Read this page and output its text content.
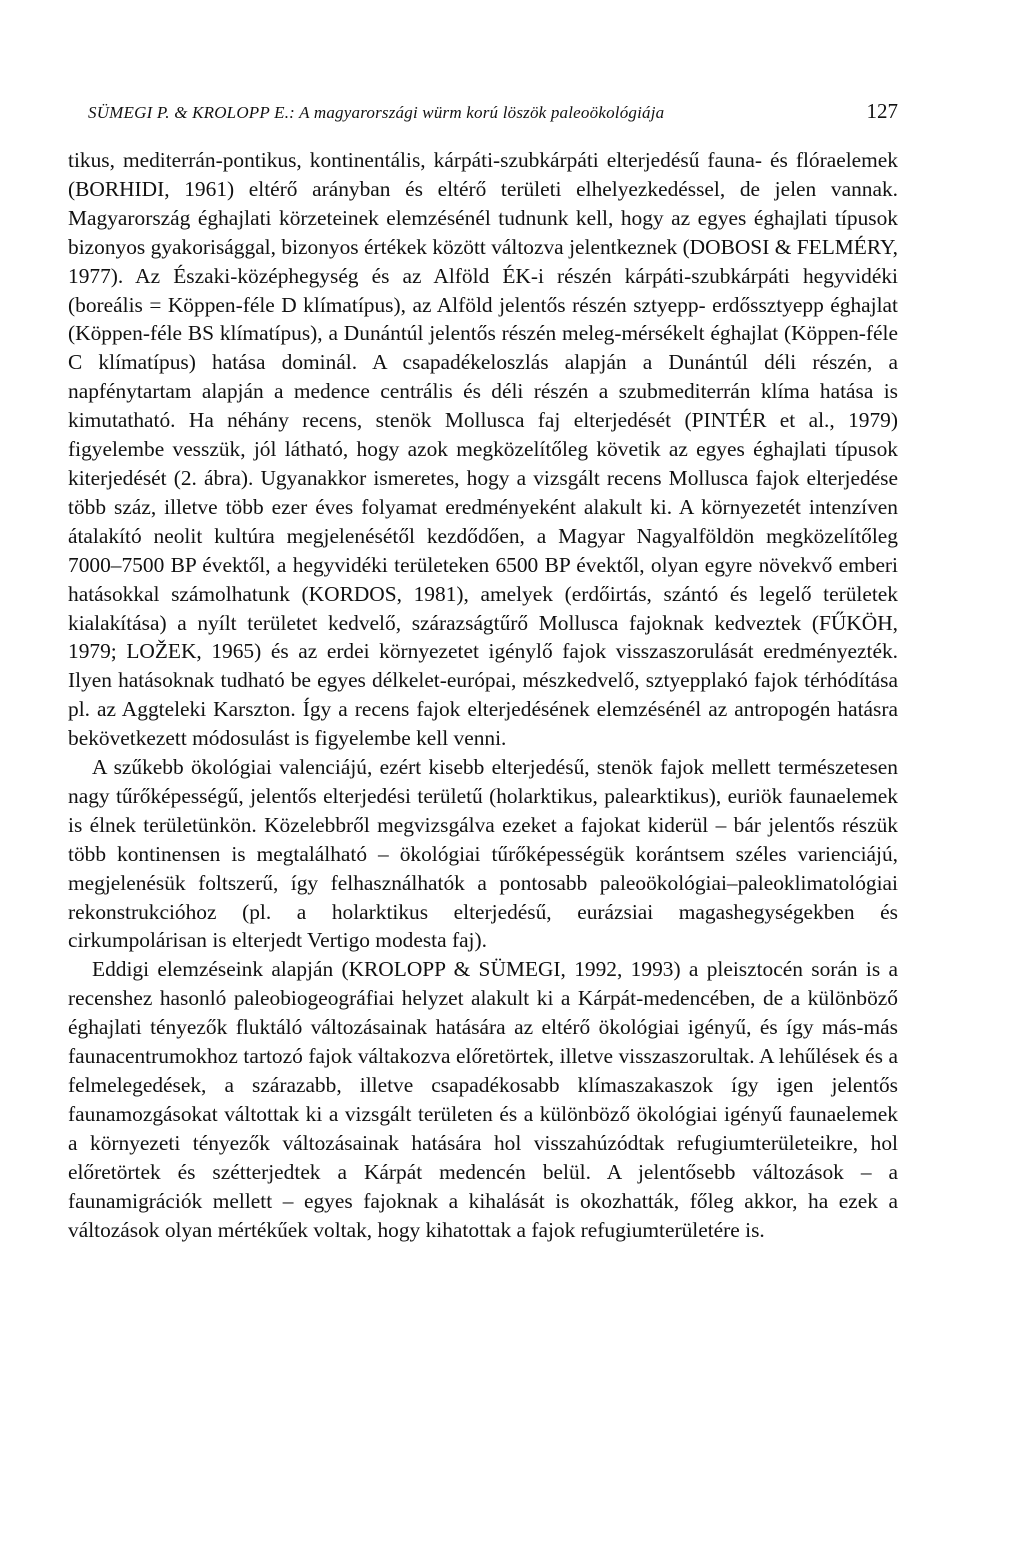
SÜMEGI P. & KROLOPP E.: A magyarországi würm korú löszök paleoökológiája	127

tikus, mediterrán-pontikus, kontinentális, kárpáti-szubkárpáti elterjedésű fauna- és flóraelemek (BORHIDI, 1961) eltérő arányban és eltérő területi elhelyezkedéssel, de jelen vannak. Magyarország éghajlati körzeteinek elemzésénél tudnunk kell, hogy az egyes éghajlati típusok bizonyos gyakorisággal, bizonyos értékek között változva jelentkeznek (DOBOSI & FELMÉRY, 1977). Az Északi-középhegység és az Alföld ÉK-i részén kárpáti-szubkárpáti hegyvidéki (boreális = Köppen-féle D klímatípus), az Alföld jelentős részén sztyepp- erdőssztyepp éghajlat (Köppen-féle BS klímatípus), a Dunántúl jelentős részén meleg-mérsékelt éghajlat (Köppen-féle C klímatípus) hatása dominál. A csapadékeloszlás alapján a Dunántúl déli részén, a napfénytartam alapján a medence centrális és déli részén a szubmediterrán klíma hatása is kimutatható. Ha néhány recens, stenök Mollusca faj elterjedését (PINTÉR et al., 1979) figyelembe vesszük, jól látható, hogy azok megközelítőleg követik az egyes éghajlati típusok kiterjedését (2. ábra). Ugyanakkor ismeretes, hogy a vizsgált recens Mollusca fajok elterjedése több száz, illetve több ezer éves folyamat eredményeként alakult ki. A környezetét intenzíven átalakító neolit kultúra megjelenésétől kezdődően, a Magyar Nagyalföldön megközelítőleg 7000–7500 BP évektől, a hegyvidéki területeken 6500 BP évektől, olyan egyre növekvő emberi hatásokkal számolhatunk (KORDOS, 1981), amelyek (erdőirtás, szántó és legelő területek kialakítása) a nyílt területet kedvelő, szárazságtűrő Mollusca fajoknak kedveztek (FŰKÖH, 1979; LOŽEK, 1965) és az erdei környezetet igénylő fajok visszaszorulását eredményezték. Ilyen hatásoknak tudható be egyes délkelet-európai, mészkedvelő, sztyepplakó fajok térhódítása pl. az Aggteleki Karszton. Így a recens fajok elterjedésének elemzésénél az antropogén hatásra bekövetkezett módosulást is figyelembe kell venni.

A szűkebb ökológiai valenciájú, ezért kisebb elterjedésű, stenök fajok mellett természetesen nagy tűrőképességű, jelentős elterjedési területű (holarktikus, palearktikus), euriök faunaelemek is élnek területünkön. Közelebbről megvizsgálva ezeket a fajokat kiderül – bár jelentős részük több kontinensen is megtalálható – ökológiai tűrőképességük korántsem széles varienciájú, megjelenésük foltszerű, így felhasználhatók a pontosabb paleoökológiai–paleoklimatológiai rekonstrukcióhoz (pl. a holarktikus elterjedésű, eurázsiai magashegységekben és cirkumpolárisan is elterjedt Vertigo modesta faj).

Eddigi elemzéseink alapján (KROLOPP & SÜMEGI, 1992, 1993) a pleisztocén során is a recenshez hasonló paleobiogeográfiai helyzet alakult ki a Kárpát-medencében, de a különböző éghajlati tényezők fluktáló változásainak hatására az eltérő ökológiai igényű, és így más-más faunacentrumokhoz tartozó fajok váltakozva előretörtek, illetve visszaszorultak. A lehűlések és a felmelegedések, a szárazabb, illetve csapadékosabb klímaszakaszok így igen jelentős faunamozgásokat váltottak ki a vizsgált területen és a különböző ökológiai igényű faunaelemek a környezeti tényezők változásainak hatására hol visszahúzódtak refugiumterületeikre, hol előretörtek és szétterjedtek a Kárpát medencén belül. A jelentősebb változások – a faunamigrációk mellett – egyes fajoknak a kihalását is okozhatták, főleg akkor, ha ezek a változások olyan mértékűek voltak, hogy kihatottak a fajok refugiumterületére is.
